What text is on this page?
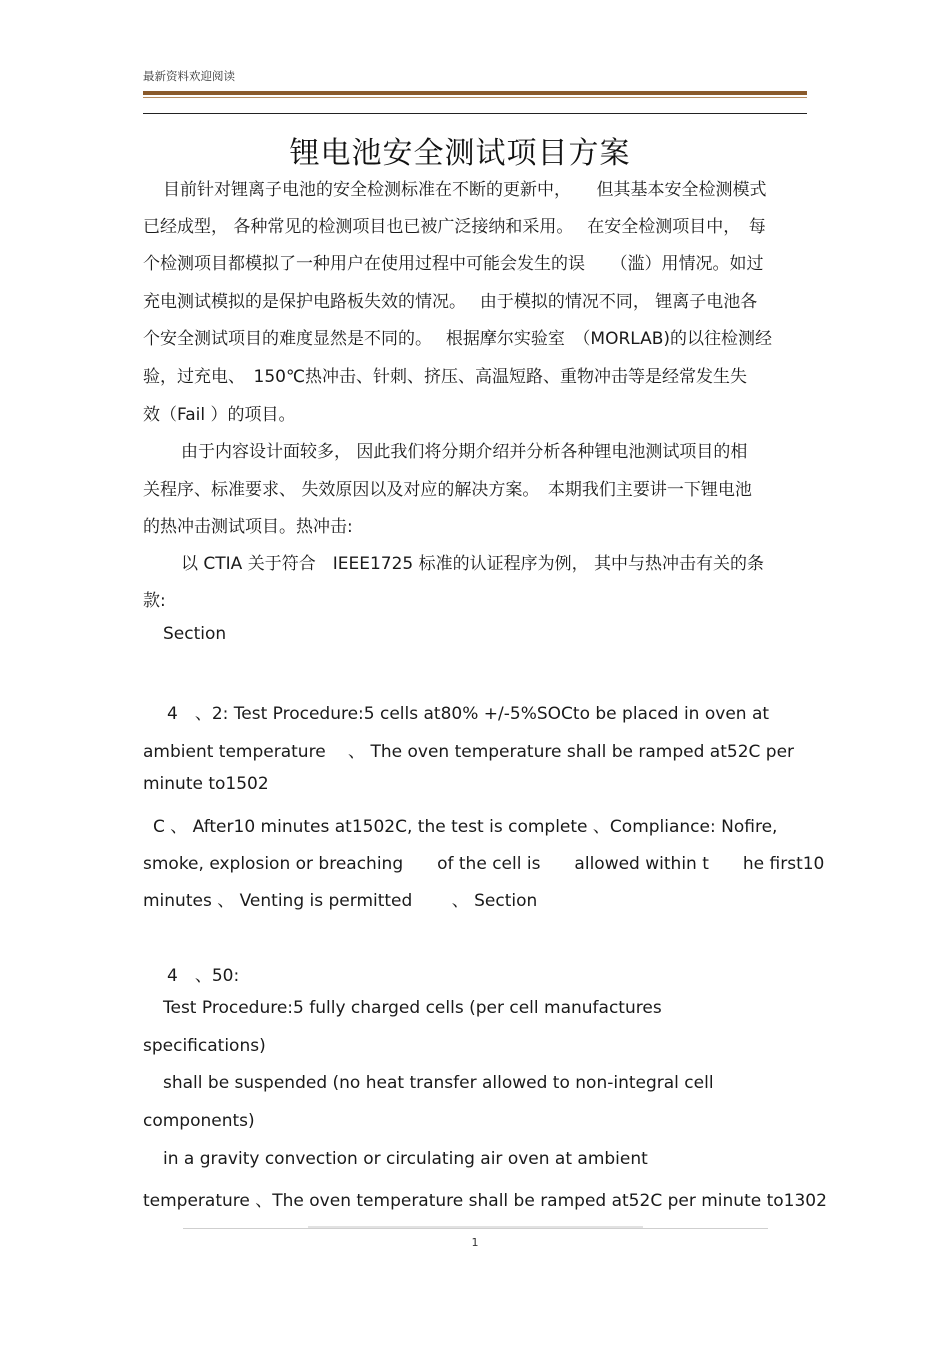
最新资料欢迎阅读
锂电池安全测试项目方案
目前针对锂离子电池的安全检测标准在不断的更新中，　　但其基本安全检测模式
已经成型， 各种常见的检测项目也已被广泛接纳和采用。　 在安全检测项目中，　每
个检测项目都模拟了一种用户在使用过程中可能会发生的误　　（滥）用情况。如过
充电测试模拟的是保护电路板失效的情况。　 由于模拟的情况不同， 锂离子电池各
个安全测试项目的难度显然是不同的。　 根据摩尔实验室　（MORLAB)的以往检测经
验，过充电、　150℃热冲击、针刺、挤压、高温短路、重物冲击等是经常发生失
效（Fail ）的项目。
由于内容设计面较多， 因此我们将分期介绍并分析各种锂电池测试项目的相
关程序、标准要求、 失效原因以及对应的解决方案。　本期我们主要讲一下锂电池
的热冲击测试项目。热冲击:
以 CTIA 关于符合　IEEE1725 标准的认证程序为例， 其中与热冲击有关的条
款:
Section
4　、2: Test Procedure:5 cells at80% +/-5%SOCto be placed in oven at
ambient temperature　 、 The oven temperature shall be ramped at52C per
minute to1502
C 、 After10 minutes at1502C, the test is complete 、Compliance: Nofire,
smoke, explosion or breaching　　of the cell is　　allowed within t　　he first10
minutes 、 Venting is permitted　　 、 Section
4　、50:
Test Procedure:5 fully charged cells (per cell manufactures
specifications)
shall be suspended (no heat transfer allowed to non-integral cell
components)
in a gravity convection or circulating air oven at ambient
temperature 、The oven temperature shall be ramped at52C per minute to1302
1
